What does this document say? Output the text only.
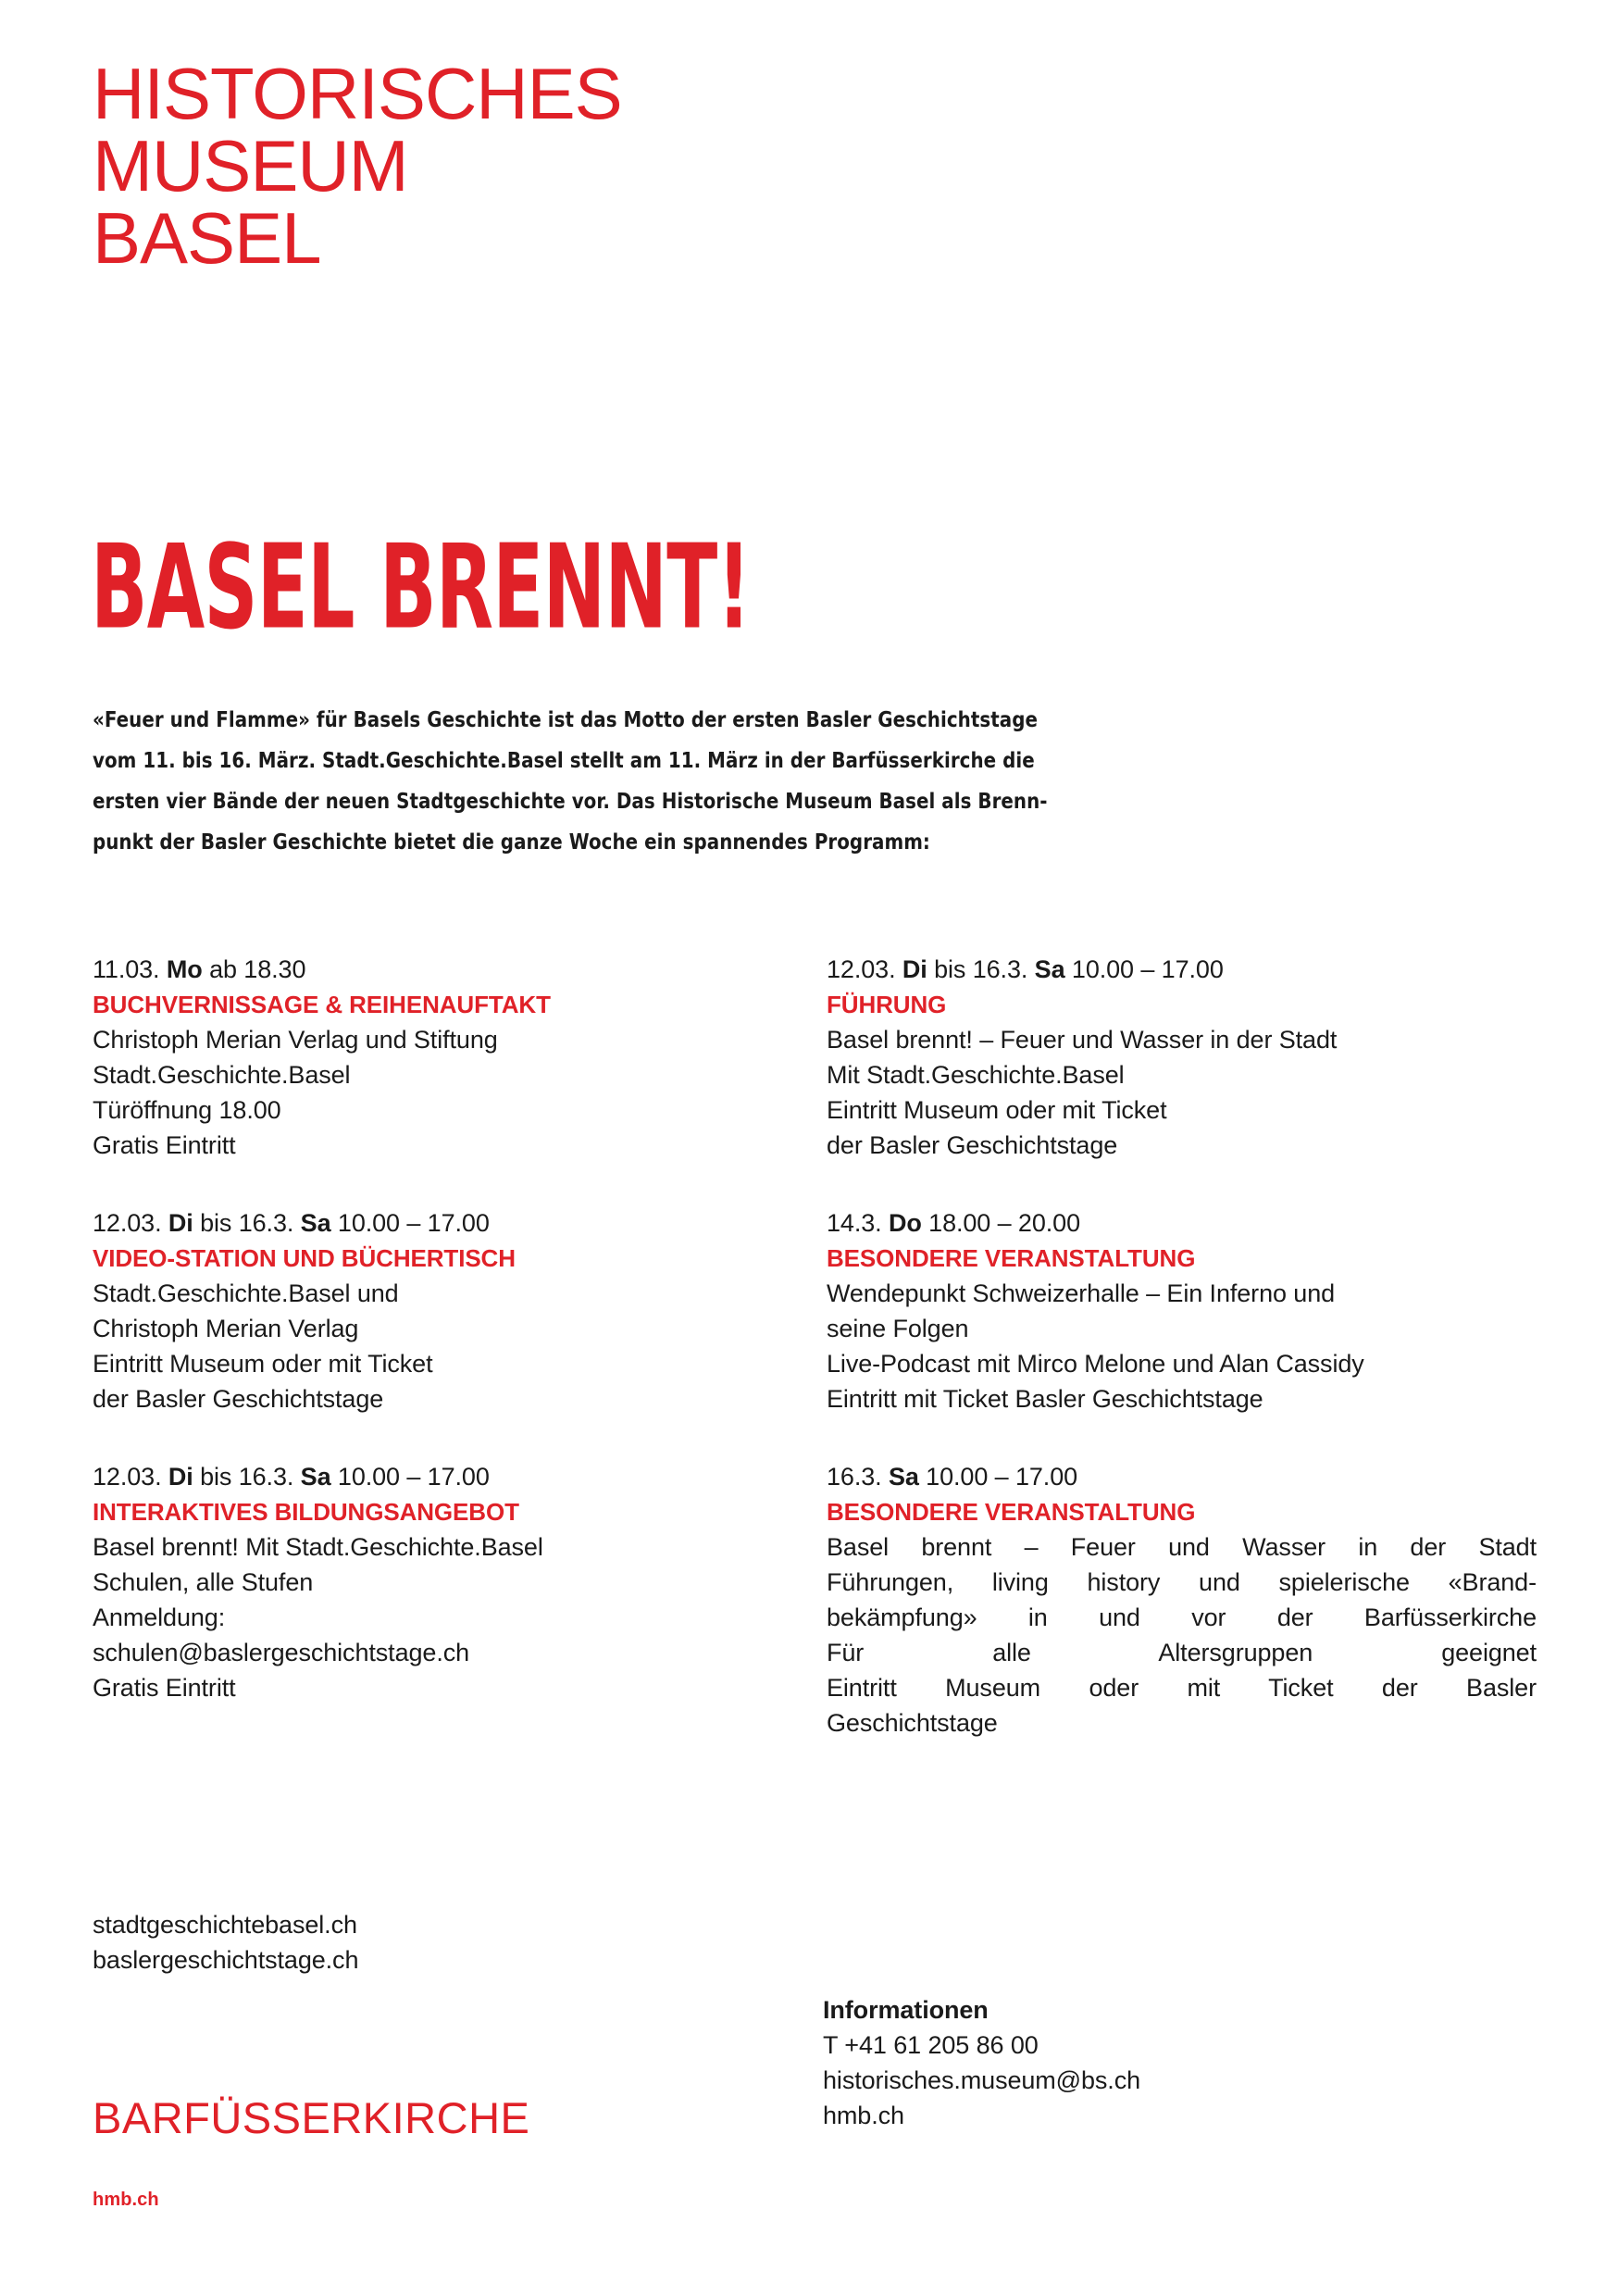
HISTORISCHES
MUSEUM
BASEL
BASEL BRENNT!
«Feuer und Flamme» für Basels Geschichte ist das Motto der ersten Basler Geschichtstage
vom 11. bis 16. März. Stadt.Geschichte.Basel stellt am 11. März in der Barfüsserkirche die
ersten vier Bände der neuen Stadtgeschichte vor. Das Historische Museum Basel als Brenn-
punkt der Basler Geschichte bietet die ganze Woche ein spannendes Programm:
11.03. Mo ab 18.30
BUCHVERNISSAGE & REIHENAUFTAKT
Christoph Merian Verlag und Stiftung
Stadt.Geschichte.Basel
Türöffnung 18.00
Gratis Eintritt
12.03. Di bis 16.3. Sa 10.00 – 17.00
VIDEO-STATION UND BÜCHERTISCH
Stadt.Geschichte.Basel und
Christoph Merian Verlag
Eintritt Museum oder mit Ticket
der Basler Geschichtstage
12.03. Di bis 16.3. Sa 10.00 – 17.00
INTERAKTIVES BILDUNGSANGEBOT
Basel brennt! Mit Stadt.Geschichte.Basel
Schulen, alle Stufen
Anmeldung:
schulen@baslergeschichtstage.ch
Gratis Eintritt
12.03. Di bis 16.3. Sa 10.00 – 17.00
FÜHRUNG
Basel brennt! – Feuer und Wasser in der Stadt
Mit Stadt.Geschichte.Basel
Eintritt Museum oder mit Ticket
der Basler Geschichtstage
14.3. Do 18.00 – 20.00
BESONDERE VERANSTALTUNG
Wendepunkt Schweizerhalle – Ein Inferno und
seine Folgen
Live-Podcast mit Mirco Melone und Alan Cassidy
Eintritt mit Ticket Basler Geschichtstage
16.3. Sa 10.00 – 17.00
BESONDERE VERANSTALTUNG
Basel brennt – Feuer und Wasser in der Stadt
Führungen, living history und spielerische «Brand-
bekämpfung» in und vor der Barfüsserkirche
Für alle Altersgruppen geeignet
Eintritt Museum oder mit Ticket der Basler
Geschichtstage
stadtgeschichtebasel.ch
baslergeschichtstage.ch
BARFÜSSERKIRCHE
hmb.ch
Informationen
T +41 61 205 86 00
historisches.museum@bs.ch
hmb.ch
